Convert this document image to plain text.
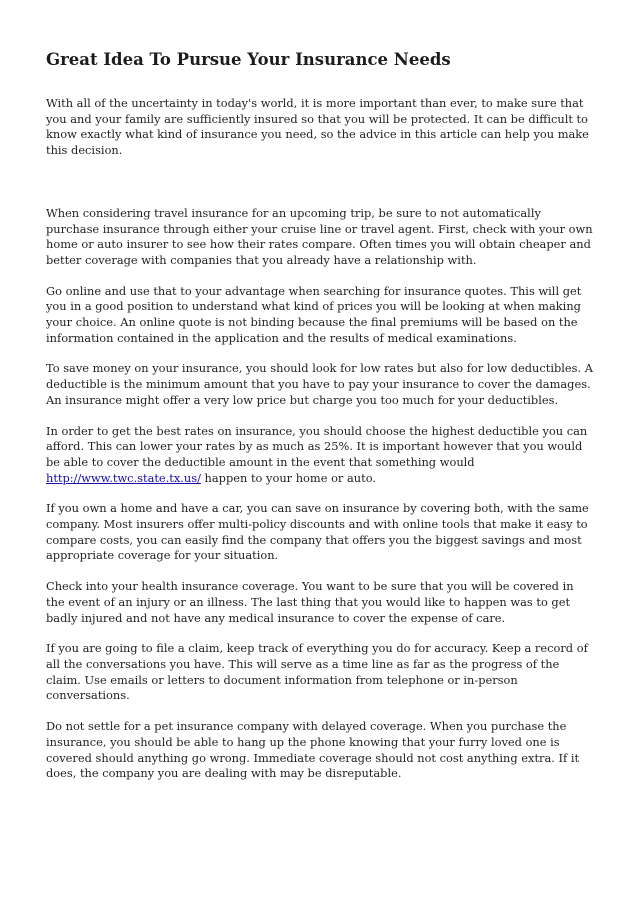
Great Idea To Pursue Your Insurance Needs

With all of the uncertainty in today's world, it is more important than ever, to make sure that you and your family are sufficiently insured so that you will be protected. It can be difficult to know exactly what kind of insurance you need, so the advice in this article can help you make this decision.

When considering travel insurance for an upcoming trip, be sure to not automatically purchase insurance through either your cruise line or travel agent. First, check with your own home or auto insurer to see how their rates compare. Often times you will obtain cheaper and better coverage with companies that you already have a relationship with.

Go online and use that to your advantage when searching for insurance quotes. This will get you in a good position to understand what kind of prices you will be looking at when making your choice. An online quote is not binding because the final premiums will be based on the information contained in the application and the results of medical examinations.

To save money on your insurance, you should look for low rates but also for low deductibles. A deductible is the minimum amount that you have to pay your insurance to cover the damages. An insurance might offer a very low price but charge you too much for your deductibles.

In order to get the best rates on insurance, you should choose the highest deductible you can afford. This can lower your rates by as much as 25%. It is important however that you would be able to cover the deductible amount in the event that something would http://www.twc.state.tx.us/ happen to your home or auto.

If you own a home and have a car, you can save on insurance by covering both, with the same company. Most insurers offer multi-policy discounts and with online tools that make it easy to compare costs, you can easily find the company that offers you the biggest savings and most appropriate coverage for your situation.

Check into your health insurance coverage. You want to be sure that you will be covered in the event of an injury or an illness. The last thing that you would like to happen was to get badly injured and not have any medical insurance to cover the expense of care.

If you are going to file a claim, keep track of everything you do for accuracy. Keep a record of all the conversations you have. This will serve as a time line as far as the progress of the claim. Use emails or letters to document information from telephone or in-person conversations.

Do not settle for a pet insurance company with delayed coverage. When you purchase the insurance, you should be able to hang up the phone knowing that your furry loved one is covered should anything go wrong. Immediate coverage should not cost anything extra. If it does, the company you are dealing with may be disreputable.
